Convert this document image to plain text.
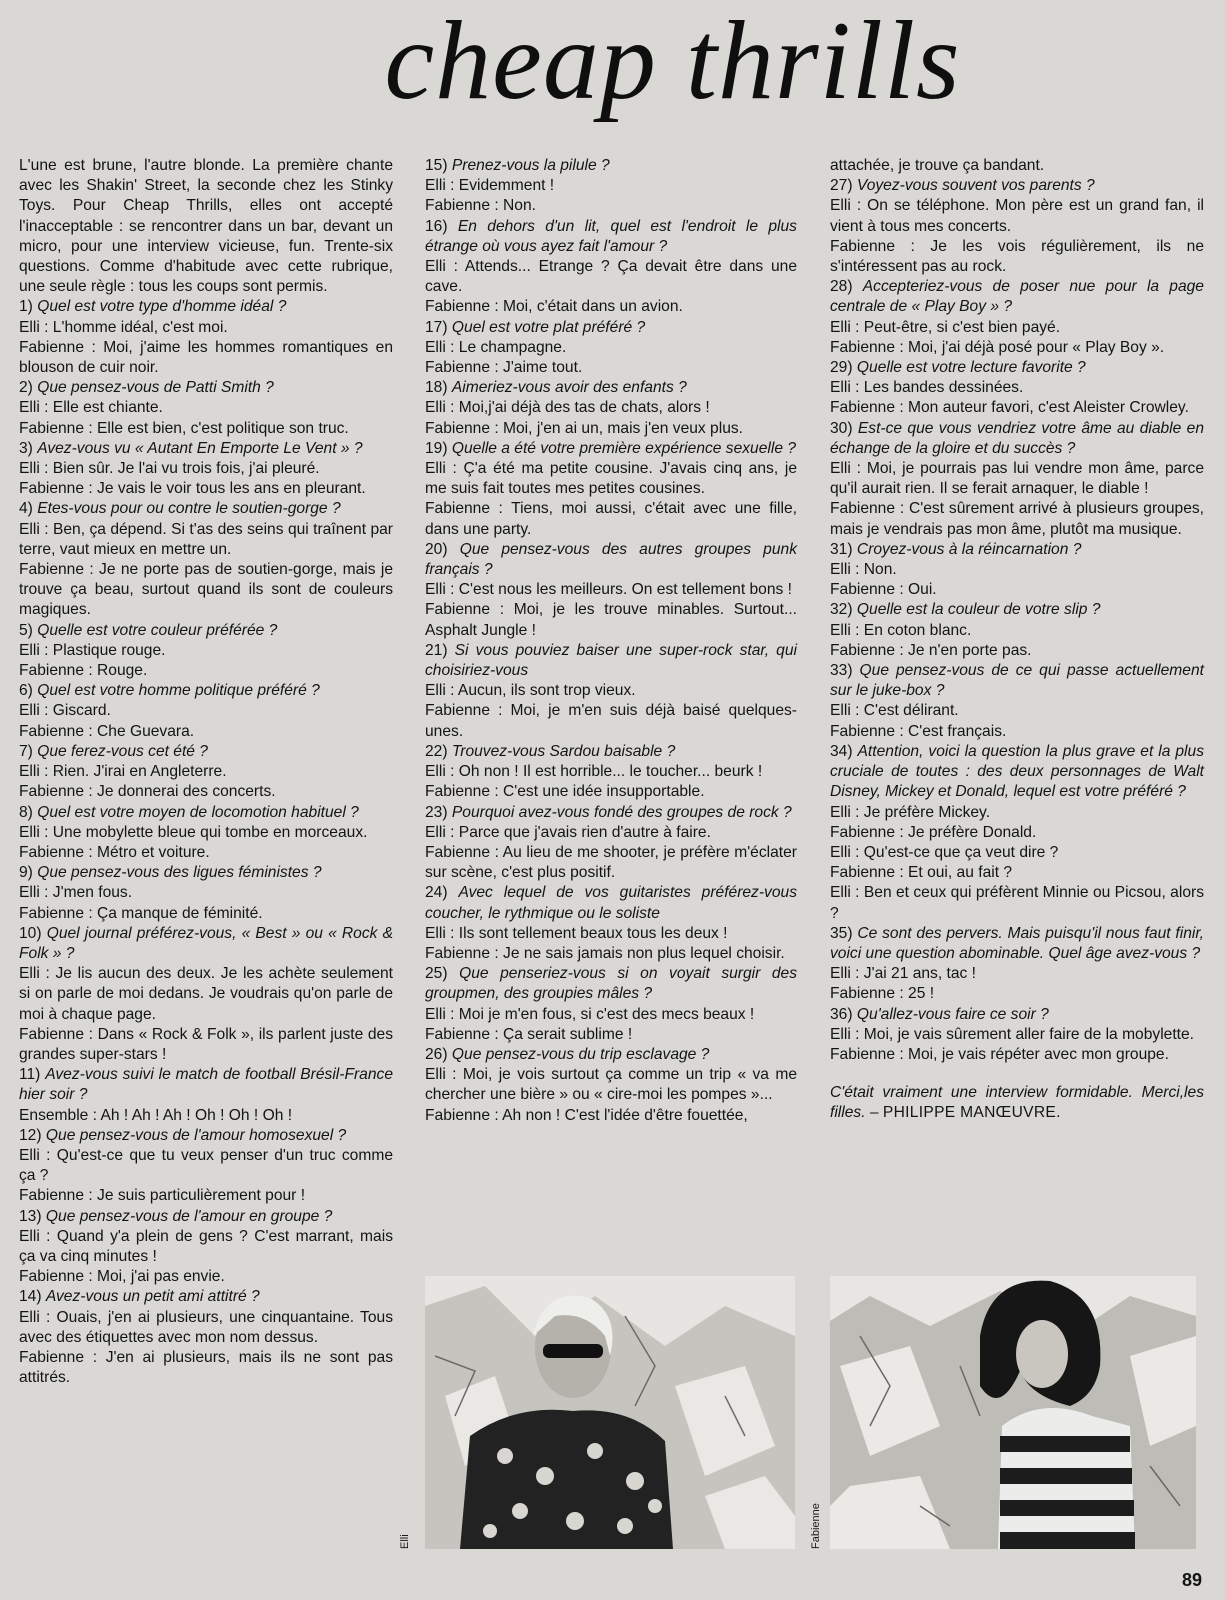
cheap thrills

L'une est brune, l'autre blonde. La première chante avec les Shakin' Street, la seconde chez les Stinky Toys. Pour Cheap Thrills, elles ont accepté l'inacceptable : se rencontrer dans un bar, devant un micro, pour une interview vicieuse, fun. Trente-six questions. Comme d'habitude avec cette rubrique, une seule règle : tous les coups sont permis.

1) Quel est votre type d'homme idéal ?

Elli : L'homme idéal, c'est moi.

Fabienne : Moi, j'aime les hommes romantiques en blouson de cuir noir.

2) Que pensez-vous de Patti Smith ?

Elli : Elle est chiante.

Fabienne : Elle est bien, c'est politique son truc.

3) Avez-vous vu « Autant En Emporte Le Vent » ?

Elli : Bien sûr. Je l'ai vu trois fois, j'ai pleuré.

Fabienne : Je vais le voir tous les ans en pleurant.

4) Etes-vous pour ou contre le soutien-gorge ?

Elli : Ben, ça dépend. Si t'as des seins qui traînent par terre, vaut mieux en mettre un.

Fabienne : Je ne porte pas de soutien-gorge, mais je trouve ça beau, surtout quand ils sont de couleurs magiques.

5) Quelle est votre couleur préférée ?

Elli : Plastique rouge.

Fabienne : Rouge.

6) Quel est votre homme politique préféré ?

Elli : Giscard.

Fabienne : Che Guevara.

7) Que ferez-vous cet été ?

Elli : Rien. J'irai en Angleterre.

Fabienne : Je donnerai des concerts.

8) Quel est votre moyen de locomotion habituel ?

Elli : Une mobylette bleue qui tombe en morceaux.

Fabienne : Métro et voiture.

9) Que pensez-vous des ligues féministes ?

Elli : J'men fous.

Fabienne : Ça manque de féminité.

10) Quel journal préférez-vous, « Best » ou « Rock & Folk » ?

Elli : Je lis aucun des deux. Je les achète seulement si on parle de moi dedans. Je voudrais qu'on parle de moi à chaque page.

Fabienne : Dans « Rock & Folk », ils parlent juste des grandes super-stars !

11) Avez-vous suivi le match de football Brésil-France hier soir ?

Ensemble : Ah ! Ah ! Ah ! Oh ! Oh ! Oh !

12) Que pensez-vous de l'amour homosexuel ?

Elli : Qu'est-ce que tu veux penser d'un truc comme ça ?

Fabienne : Je suis particulièrement pour !

13) Que pensez-vous de l'amour en groupe ?

Elli : Quand y'a plein de gens ? C'est marrant, mais ça va cinq minutes !

Fabienne : Moi, j'ai pas envie.

14) Avez-vous un petit ami attitré ?

Elli : Ouais, j'en ai plusieurs, une cinquantaine. Tous avec des étiquettes avec mon nom dessus.

Fabienne : J'en ai plusieurs, mais ils ne sont pas attitrés.

15) Prenez-vous la pilule ?

Elli : Evidemment !

Fabienne : Non.

16) En dehors d'un lit, quel est l'endroit le plus étrange où vous ayez fait l'amour ?

Elli : Attends... Etrange ? Ça devait être dans une cave.

Fabienne : Moi, c'était dans un avion.

17) Quel est votre plat préféré ?

Elli : Le champagne.

Fabienne : J'aime tout.

18) Aimeriez-vous avoir des enfants ?

Elli : Moi,j'ai déjà des tas de chats, alors !

Fabienne : Moi, j'en ai un, mais j'en veux plus.

19) Quelle a été votre première expérience sexuelle ?

Elli : Ç'a été ma petite cousine. J'avais cinq ans, je me suis fait toutes mes petites cousines.

Fabienne : Tiens, moi aussi, c'était avec une fille, dans une party.

20) Que pensez-vous des autres groupes punk français ?

Elli : C'est nous les meilleurs. On est tellement bons !

Fabienne : Moi, je les trouve minables. Surtout... Asphalt Jungle !

21) Si vous pouviez baiser une super-rock star, qui choisiriez-vous

Elli : Aucun, ils sont trop vieux.

Fabienne : Moi, je m'en suis déjà baisé quelques-unes.

22) Trouvez-vous Sardou baisable ?

Elli : Oh non ! Il est horrible... le toucher... beurk !

Fabienne : C'est une idée insupportable.

23) Pourquoi avez-vous fondé des groupes de rock ?

Elli : Parce que j'avais rien d'autre à faire.

Fabienne : Au lieu de me shooter, je préfère m'éclater sur scène, c'est plus positif.

24) Avec lequel de vos guitaristes préférez-vous coucher, le rythmique ou le soliste

Elli : Ils sont tellement beaux tous les deux !

Fabienne : Je ne sais jamais non plus lequel choisir.

25) Que penseriez-vous si on voyait surgir des groupmen, des groupies mâles ?

Elli : Moi je m'en fous, si c'est des mecs beaux !

Fabienne : Ça serait sublime !

26) Que pensez-vous du trip esclavage ?

Elli : Moi, je vois surtout ça comme un trip « va me chercher une bière » ou « cire-moi les pompes »...

Fabienne : Ah non ! C'est l'idée d'être fouettée,

attachée, je trouve ça bandant.

27) Voyez-vous souvent vos parents ?

Elli : On se téléphone. Mon père est un grand fan, il vient à tous mes concerts.

Fabienne : Je les vois régulièrement, ils ne s'intéressent pas au rock.

28) Accepteriez-vous de poser nue pour la page centrale de « Play Boy » ?

Elli : Peut-être, si c'est bien payé.

Fabienne : Moi, j'ai déjà posé pour « Play Boy ».

29) Quelle est votre lecture favorite ?

Elli : Les bandes dessinées.

Fabienne : Mon auteur favori, c'est Aleister Crowley.

30) Est-ce que vous vendriez votre âme au diable en échange de la gloire et du succès ?

Elli : Moi, je pourrais pas lui vendre mon âme, parce qu'il aurait rien. Il se ferait arnaquer, le diable !

Fabienne : C'est sûrement arrivé à plusieurs groupes, mais je vendrais pas mon âme, plutôt ma musique.

31) Croyez-vous à la réincarnation ?

Elli : Non.

Fabienne : Oui.

32) Quelle est la couleur de votre slip ?

Elli : En coton blanc.

Fabienne : Je n'en porte pas.

33) Que pensez-vous de ce qui passe actuellement sur le juke-box ?

Elli : C'est délirant.

Fabienne : C'est français.

34) Attention, voici la question la plus grave et la plus cruciale de toutes : des deux personnages de Walt Disney, Mickey et Donald, lequel est votre préféré ?

Elli : Je préfère Mickey.

Fabienne : Je préfère Donald.

Elli : Qu'est-ce que ça veut dire ?

Fabienne : Et oui, au fait ?

Elli : Ben et ceux qui préfèrent Minnie ou Picsou, alors ?

35) Ce sont des pervers. Mais puisqu'il nous faut finir, voici une question abominable. Quel âge avez-vous ?

Elli : J'ai 21 ans, tac !

Fabienne : 25 !

36) Qu'allez-vous faire ce soir ?

Elli : Moi, je vais sûrement aller faire de la mobylette.

Fabienne : Moi, je vais répéter avec mon groupe.

C'était vraiment une interview formidable. Merci,les filles. – PHILIPPE MANŒUVRE.

Elli	Fabienne
89
